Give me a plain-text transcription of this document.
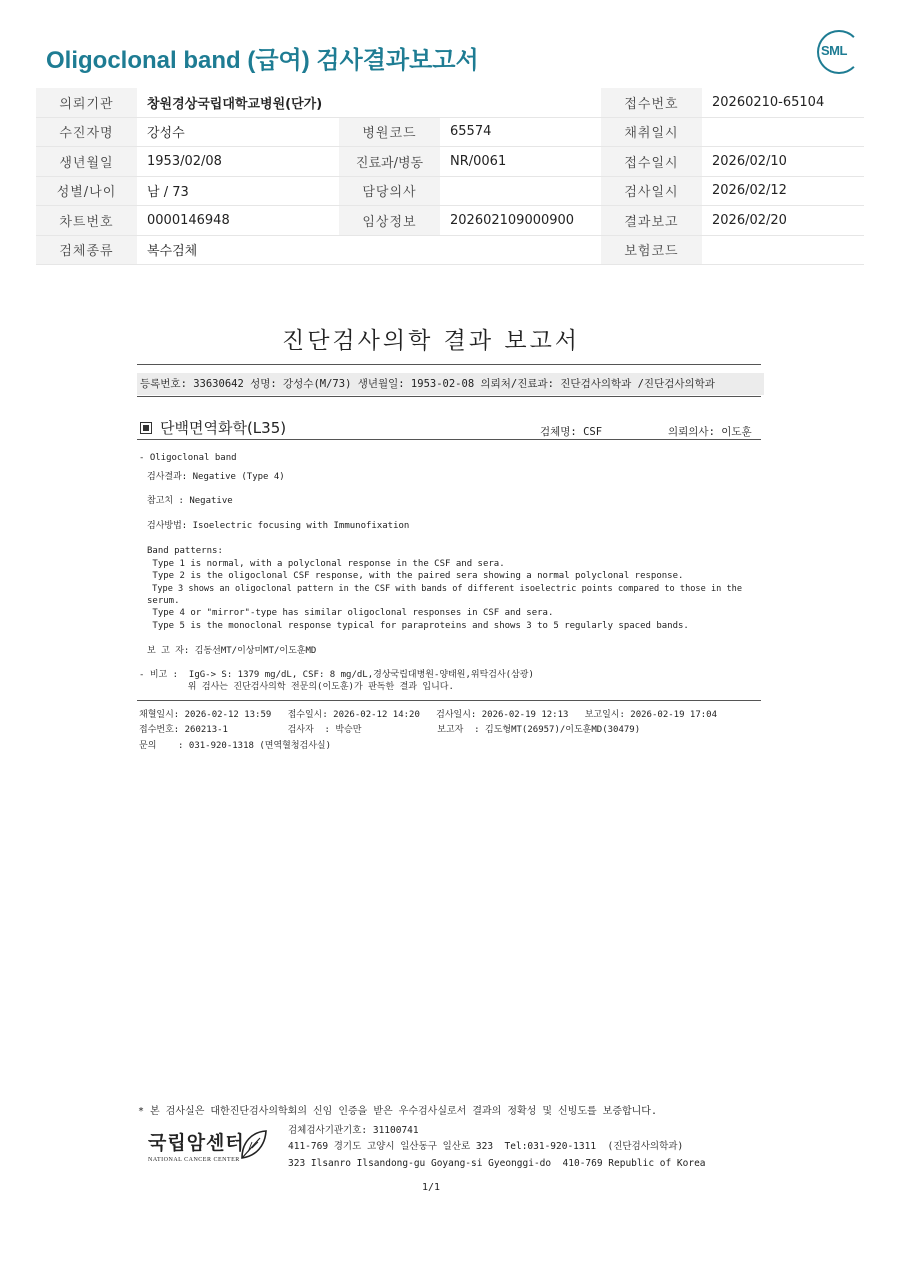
Oligoclonal band (급여) 검사결과보고서	SML
의뢰기관	창원경상국립대학교병원(단가)			접수번호	20260210-65104
수진자명	강성수	병원코드	65574	채취일시	
생년월일	1953/02/08	진료과/병동	NR/0061	접수일시	2026/02/10
성별/나이	남 / 73	담당의사		검사일시	2026/02/12
차트번호	0000146948	임상정보	202602109000900	결과보고	2026/02/20
검체종류	복수검체			보험코드	
진단검사의학 결과 보고서
등록번호: 33630642 성명: 강성수(M/73) 생년월일: 1953-02-08 의뢰처/진료과: 진단검사의학과 /진단검사의학과
단백면역화학(L35)	검체명: CSF	의뢰의사: 이도훈
- Oligoclonal band
검사결과: Negative (Type 4)
참고치 : Negative
검사방법: Isoelectric focusing with Immunofixation
Band patterns:
Type 1 is normal, with a polyclonal response in the CSF and sera.
Type 2 is the oligoclonal CSF response, with the paired sera showing a normal polyclonal response.
Type 3 shows an oligoclonal pattern in the CSF with bands of different isoelectric points compared to those in the
serum.
Type 4 or "mirror"-type has similar oligoclonal responses in CSF and sera.
Type 5 is the monoclonal response typical for paraproteins and shows 3 to 5 regularly spaced bands.
보 고 자: 김동선MT/이상미MT/이도훈MD
- 비고 :  IgG-> S: 1379 mg/dL, CSF: 8 mg/dL,경상국립대병원-양태원,위탁검사(삼광)
위 검사는 진단검사의학 전문의(이도훈)가 판독한 결과 입니다.
채혈일시: 2026-02-12 13:59   접수일시: 2026-02-12 14:20   검사일시: 2026-02-19 12:13   보고일시: 2026-02-19 17:04
접수번호: 260213-1           검사자  : 박승만              보고자  : 김도형MT(26957)/이도훈MD(30479)
문의    : 031-920-1318 (면역혈청검사실)
* 본 검사실은 대한진단검사의학회의 신임 인증을 받은 우수검사실로서 결과의 정확성 및 신빙도를 보증합니다.
국립암센터
NATIONAL CANCER CENTER
검체검사기관기호: 31100741
411-769 경기도 고양시 일산동구 일산로 323  Tel:031-920-1311  (진단검사의학과)
323 Ilsanro Ilsandong-gu Goyang-si Gyeonggi-do  410-769 Republic of Korea
1/1
